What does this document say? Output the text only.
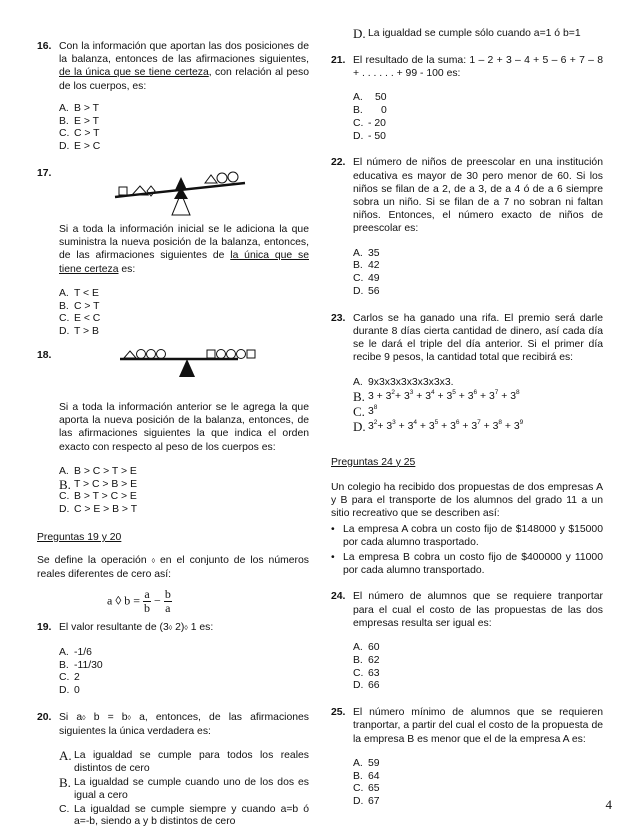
16. Con la información que aportan las dos posiciones de la balanza, entonces de las afirmaciones siguientes, de la única que se tiene certeza, con relación al peso de los cuerpos, es:
A. B > T
B. E > T
C. C > T
D. E > C
17.
Si a toda la información inicial se le adiciona la que suministra la nueva posición de la balanza, entonces, de las afirmaciones siguientes de la única que se tiene certeza es:
A. T < E
B. C > T
C. E < C
D. T > B
18.
Si a toda la información anterior se le agrega la que aporta la nueva posición de la balanza, entonces, de las afirmaciones siguientes la que indica el orden exacto con respecto al peso de los cuerpos es:
A. B > C > T > E
B. T > C > B > E
C. B > T > C > E
D. C > E > B > T
Preguntas 19 y 20
Se define la operación ◊ en el conjunto de los números reales diferentes de cero así:
a ◊ $b = \frac{a}{b} - \frac{b}{a}$
19. El valor resultante de (3◊ 2)◊ 1 es:
A. -1/6
B. -11/30
C. 2
D. 0
20. Si a◊ b = b◊ a, entonces, de las afirmaciones siguientes la única verdadera es:
A. La igualdad se cumple para todos los reales distintos de cero
B. La igualdad se cumple cuando uno de los dos es igual a cero
C. La igualdad se cumple siempre y cuando a=b ó a=-b, siendo a y b distintos de cero
D. La igualdad se cumple sólo cuando a=1 ó b=1
21. El resultado de la suma: 1 – 2 + 3 – 4 + 5 – 6 + 7 – 8 + . . . . . . + 99 - 100 es:
A.	50
B.	0
C. - 20
D. - 50
22. El número de niños de preescolar en una institución educativa es mayor de 30 pero menor de 60. Si los niños se filan de a 2, de a 3, de a 4 ó de a 6 siempre sobra un niño. Si se filan de a 7 no sobran ni faltan niños. Entonces, el número exacto de niños de preescolar es:
A. 35
B. 42
C. 49
D. 56
23. Carlos se ha ganado una rifa. El premio será darle durante 8 días cierta cantidad de dinero, así cada día se le dará el triple del día anterior. Si el primer día recibe 9 pesos, la cantidad total que recibirá es:
A. 9x3x3x3x3x3x3x3.
B. $3 + 3^2+ 3^3 + 3^4 + 3^5 + 3^6 + 3^7 + 3^8$
C. $3^8$
D. $3^2+ 3^3 + 3^4 + 3^5 + 3^6 + 3^7 + 3^8 + 3^9$
Preguntas 24 y 25
Un colegio ha recibido dos propuestas de dos empresas A y B para el transporte de los alumnos del grado 11 a un sitio recreativo que se describen así:
• La empresa A cobra un costo fijo de $148000 y $15000 por cada alumno trasportado.
• La empresa B cobra un costo fijo de $400000 y 11000 por cada alumno transportado.
24. El número de alumnos que se requiere tranportar para el cual el costo de las propuestas de las dos empresas resulta ser igual es:
A. 60
B. 62
C. 63
D. 66
25. El número mínimo de alumnos que se requieren tranportar, a partir del cual el costo de la propuesta de la empresa B es menor que el de la empresa A es:
A. 59
B. 64
C. 65
D. 67	4
